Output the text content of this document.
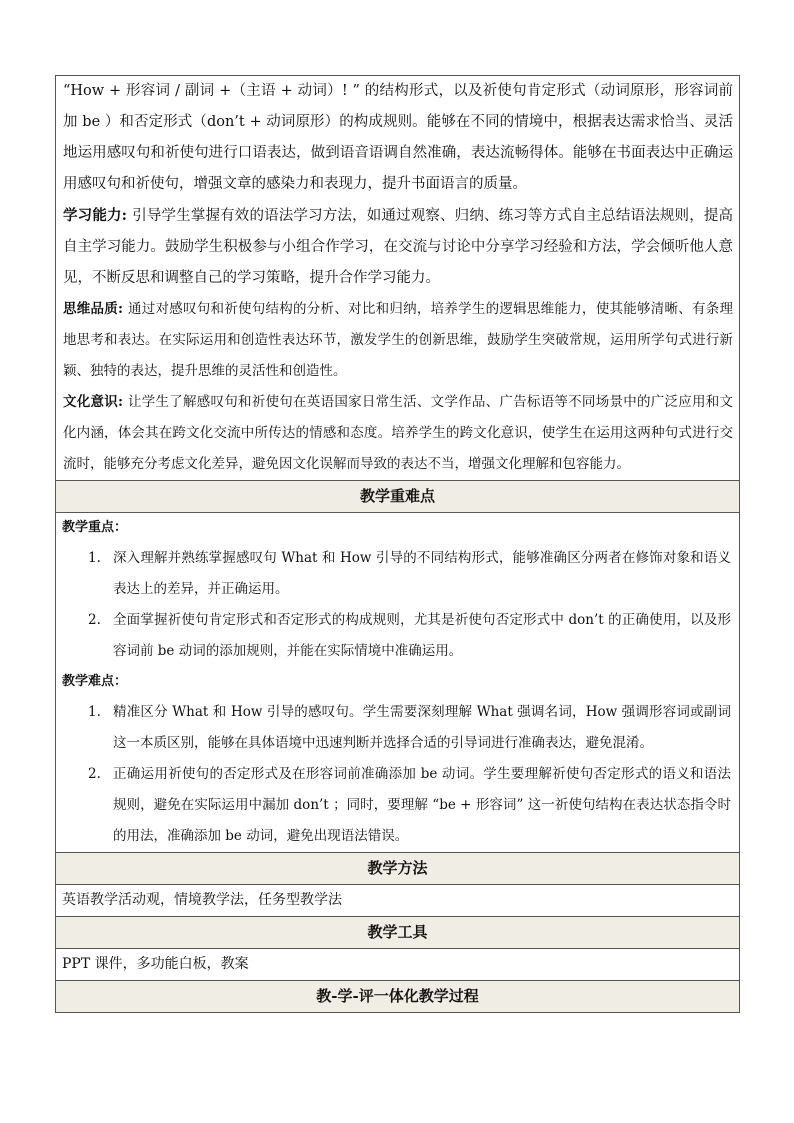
“How + 形容词 / 副词 +（主语 + 动词）! ” 的结构形式，以及祈使句肯定形式（动词原形，形容词前加 be ）和否定形式（don’t + 动词原形）的构成规则。能够在不同的情境中，根据表达需求恰当、灵活地运用感叹句和祈使句进行口语表达，做到语音语调自然准确，表达流畅得体。能够在书面表达中正确运用感叹句和祈使句，增强文章的感染力和表现力，提升书面语言的质量。
学习能力: 引导学生掌握有效的语法学习方法，如通过观察、归纳、练习等方式自主总结语法规则，提高自主学习能力。鼓励学生积极参与小组合作学习，在交流与讨论中分享学习经验和方法，学会倾听他人意见，不断反思和调整自己的学习策略，提升合作学习能力。
思维品质: 通过对感叹句和祈使句结构的分析、对比和归纳，培养学生的逻辑思维能力，使其能够清晰、有条理地思考和表达。在实际运用和创造性表达环节，激发学生的创新思维，鼓励学生突破常规，运用所学句式进行新颖、独特的表达，提升思维的灵活性和创造性。
文化意识: 让学生了解感叹句和祈使句在英语国家日常生活、文学作品、广告标语等不同场景中的广泛应用和文化内涵，体会其在跨文化交流中所传达的情感和态度。培养学生的跨文化意识，使学生在运用这两种句式进行交流时，能够充分考虑文化差异，避免因文化误解而导致的表达不当，增强文化理解和包容能力。
教学重难点
教学重点：
1. 深入理解并熟练掌握感叹句 What 和 How 引导的不同结构形式，能够准确区分两者在修饰对象和语义表达上的差异，并正确运用。
2. 全面掌握祈使句肯定形式和否定形式的构成规则，尤其是祈使句否定形式中 don’t 的正确使用，以及形容词前 be 动词的添加规则，并能在实际情境中准确运用。
教学难点：
1. 精准区分 What 和 How 引导的感叹句。学生需要深刻理解 What 强调名词，How 强调形容词或副词这一本质区别，能够在具体语境中迅速判断并选择合适的引导词进行准确表达，避免混淆。
2. 正确运用祈使句的否定形式及在形容词前准确添加 be 动词。学生要理解祈使句否定形式的语义和语法规则，避免在实际运用中漏加 don’t ；同时，要理解 “be + 形容词” 这一祈使句结构在表达状态指令时的用法，准确添加 be 动词，避免出现语法错误。
教学方法
英语教学活动观，情境教学法，任务型教学法
教学工具
PPT 课件，多功能白板，教案
教-学-评一体化教学过程
